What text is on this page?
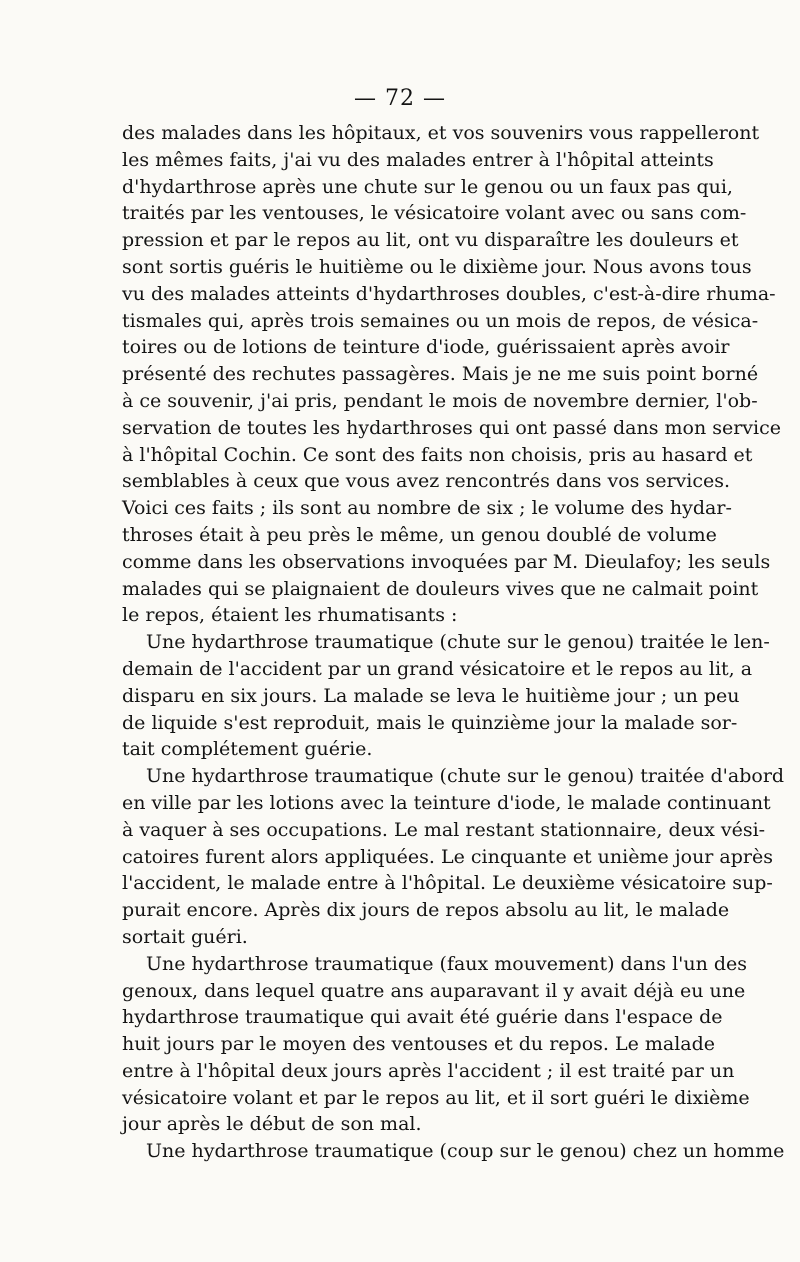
— 72 —
des malades dans les hôpitaux, et vos souvenirs vous rappelleront
les mêmes faits, j'ai vu des malades entrer à l'hôpital atteints
d'hydarthrose après une chute sur le genou ou un faux pas qui,
traités par les ventouses, le vésicatoire volant avec ou sans com-
pression et par le repos au lit, ont vu disparaître les douleurs et
sont sortis guéris le huitième ou le dixième jour. Nous avons tous
vu des malades atteints d'hydarthroses doubles, c'est-à-dire rhuma-
tismales qui, après trois semaines ou un mois de repos, de vésica-
toires ou de lotions de teinture d'iode, guérissaient après avoir
présenté des rechutes passagères. Mais je ne me suis point borné
à ce souvenir, j'ai pris, pendant le mois de novembre dernier, l'ob-
servation de toutes les hydarthroses qui ont passé dans mon service
à l'hôpital Cochin. Ce sont des faits non choisis, pris au hasard et
semblables à ceux que vous avez rencontrés dans vos services.
Voici ces faits ; ils sont au nombre de six ; le volume des hydar-
throses était à peu près le même, un genou doublé de volume
comme dans les observations invoquées par M. Dieulafoy; les seuls
malades qui se plaignaient de douleurs vives que ne calmait point
le repos, étaient les rhumatisants :
Une hydarthrose traumatique (chute sur le genou) traitée le len-
demain de l'accident par un grand vésicatoire et le repos au lit, a
disparu en six jours. La malade se leva le huitième jour ; un peu
de liquide s'est reproduit, mais le quinzième jour la malade sor-
tait complétement guérie.
Une hydarthrose traumatique (chute sur le genou) traitée d'abord
en ville par les lotions avec la teinture d'iode, le malade continuant
à vaquer à ses occupations. Le mal restant stationnaire, deux vési-
catoires furent alors appliquées. Le cinquante et unième jour après
l'accident, le malade entre à l'hôpital. Le deuxième vésicatoire sup-
purait encore. Après dix jours de repos absolu au lit, le malade
sortait guéri.
Une hydarthrose traumatique (faux mouvement) dans l'un des
genoux, dans lequel quatre ans auparavant il y avait déjà eu une
hydarthrose traumatique qui avait été guérie dans l'espace de
huit jours par le moyen des ventouses et du repos. Le malade
entre à l'hôpital deux jours après l'accident ; il est traité par un
vésicatoire volant et par le repos au lit, et il sort guéri le dixième
jour après le début de son mal.
Une hydarthrose traumatique (coup sur le genou) chez un homme
